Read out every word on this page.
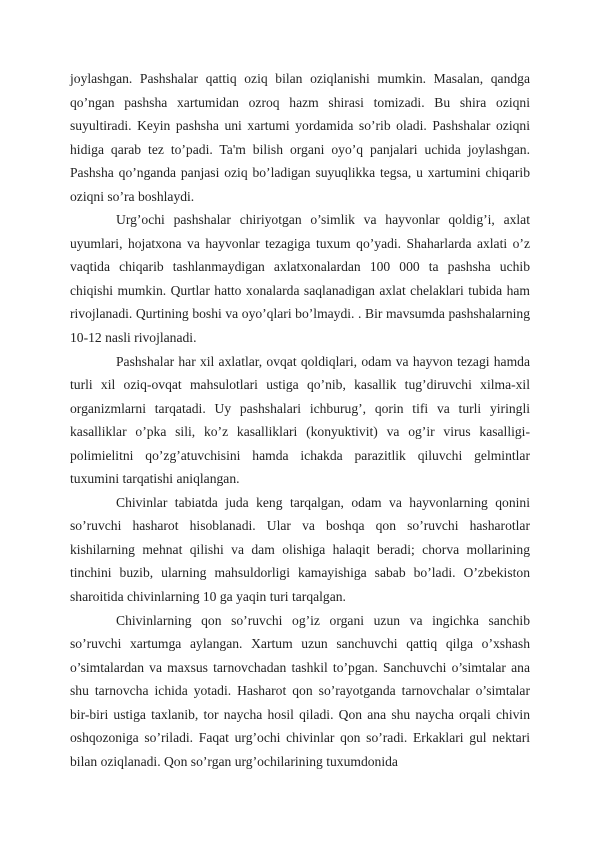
joylashgan. Pashshalar qattiq oziq bilan oziqlanishi mumkin. Masalan, qandga qo’ngan pashsha xartumidan ozroq hazm shirasi tomizadi. Bu shira oziqni suyultiradi. Keyin pashsha uni xartumi yordamida so’rib oladi. Pashshalar oziqni hidiga qarab tez to’padi. Ta'm bilish organi oyo’q panjalari uchida joylashgan. Pashsha qo’nganda panjasi oziq bo’ladigan suyuqlikka tegsa, u xartumini chiqarib oziqni so’ra boshlaydi.

Urg’ochi pashshalar chiriyotgan o’simlik va hayvonlar qoldig’i, axlat uyumlari, hojatxona va hayvonlar tezagiga tuxum qo’yadi. Shaharlarda axlati o’z vaqtida chiqarib tashlanmaydigan axlatxonalardan 100 000 ta pashsha uchib chiqishi mumkin. Qurtlar hatto xonalarda saqlanadigan axlat chelaklari tubida ham rivojlanadi. Qurtining boshi va oyo’qlari bo’lmaydi. . Bir mavsumda pashshalarning 10-12 nasli rivojlanadi.

Pashshalar har xil axlatlar, ovqat qoldiqlari, odam va hayvon tezagi hamda turli xil oziq-ovqat mahsulotlari ustiga qo’nib, kasallik tug’diruvchi xilma-xil organizmlarni tarqatadi. Uy pashshalari ichburug’, qorin tifi va turli yiringli kasalliklar o’pka sili, ko’z kasalliklari (konyuktivit) va og’ir virus kasalligi-polimielitni qo’zg’atuvchisini hamda ichakda parazitlik qiluvchi gelmintlar tuxumini tarqatishi aniqlangan.

Chivinlar tabiatda juda keng tarqalgan, odam va hayvonlarning qonini so’ruvchi hasharot hisoblanadi. Ular va boshqa qon so’ruvchi hasharotlar kishilarning mehnat qilishi va dam olishiga halaqit beradi; chorva mollarining tinchini buzib, ularning mahsuldorligi kamayishiga sabab bo’ladi. O’zbekiston sharoitida chivinlarning 10 ga yaqin turi tarqalgan.

Chivinlarning qon so’ruvchi og’iz organi uzun va ingichka sanchib so’ruvchi xartumga aylangan. Xartum uzun sanchuvchi qattiq qilga o’xshash o’simtalardan va maxsus tarnovchadan tashkil to’pgan. Sanchuvchi o’simtalar ana shu tarnovcha ichida yotadi. Hasharot qon so’rayotganda tarnovchalar o’simtalar bir-biri ustiga taxlanib, tor naycha hosil qiladi. Qon ana shu naycha orqali chivin oshqozoniga so’riladi. Faqat urg’ochi chivinlar qon so’radi. Erkaklari gul nektari bilan oziqlanadi. Qon so’rgan urg’ochilarining tuxumdonida
